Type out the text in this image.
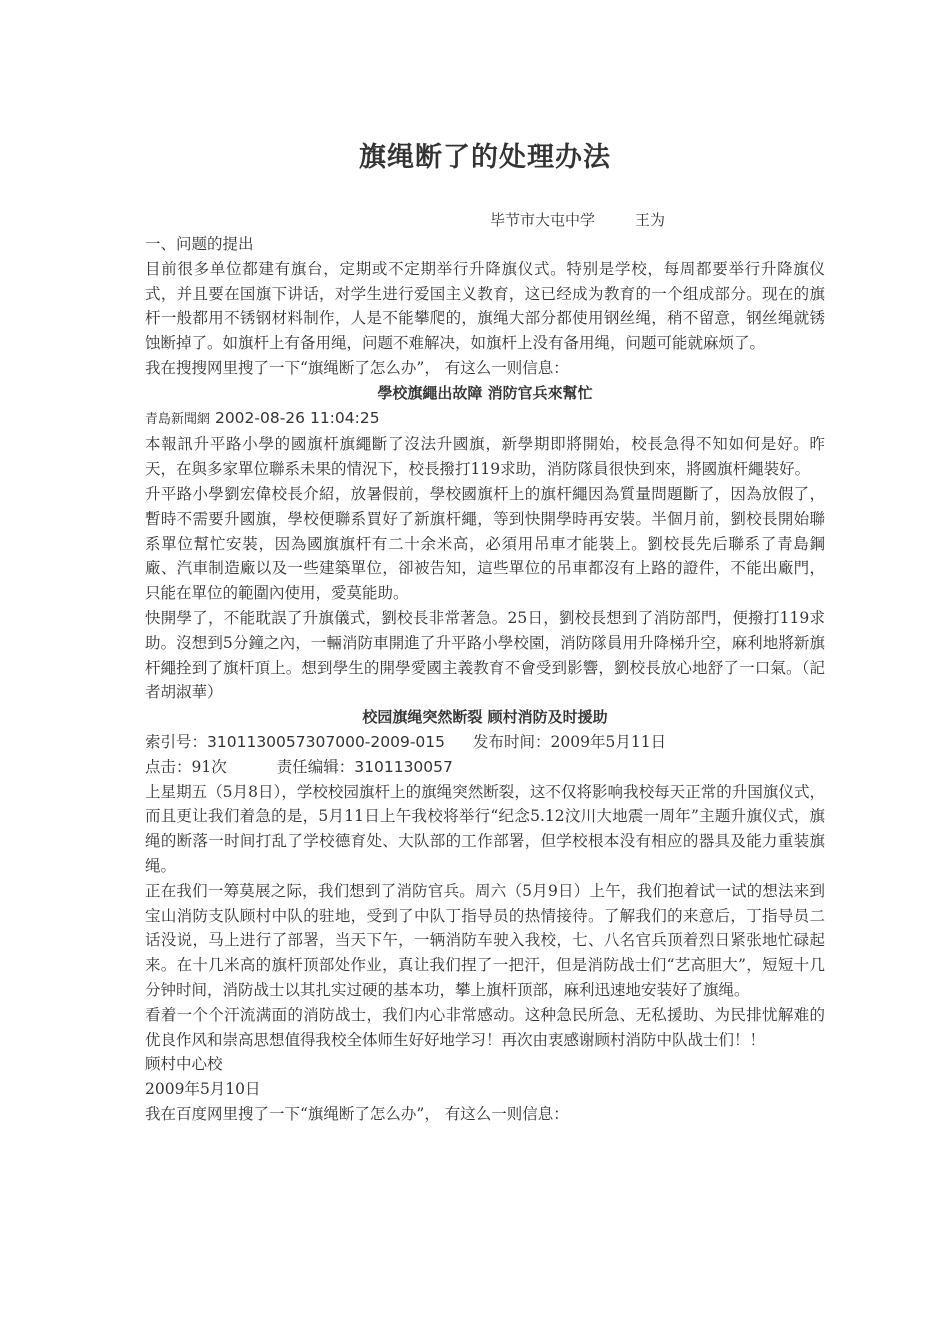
旗绳断了的处理办法
毕节市大屯中学	王为

一、问题的提出

目前很多单位都建有旗台，定期或不定期举行升降旗仪式。特别是学校，每周都要举行升降旗仪式，并且要在国旗下讲话，对学生进行爱国主义教育，这已经成为教育的一个组成部分。现在的旗杆一般都用不锈钢材料制作，人是不能攀爬的，旗绳大部分都使用钢丝绳，稍不留意，钢丝绳就锈蚀断掉了。如旗杆上有备用绳，问题不难解决，如旗杆上没有备用绳，问题可能就麻烦了。

我在搜搜网里搜了一下“旗绳断了怎么办”， 有这么一则信息：

學校旗繩出故障 消防官兵來幫忙

青島新聞網 2002-08-26 11:04:25

本報訊升平路小學的國旗杆旗繩斷了沒法升國旗，新學期即將開始，校長急得不知如何是好。昨天，在與多家單位聯系未果的情況下，校長撥打119求助，消防隊員很快到來，將國旗杆繩裝好。

升平路小學劉宏偉校長介紹，放暑假前，學校國旗杆上的旗杆繩因為質量問題斷了，因為放假了，暫時不需要升國旗，學校便聯系買好了新旗杆繩，等到快開學時再安裝。半個月前，劉校長開始聯系單位幫忙安裝，因為國旗旗杆有二十余米高，必須用吊車才能裝上。劉校長先后聯系了青島鋼廠、汽車制造廠以及一些建築單位，卻被告知，這些單位的吊車都沒有上路的證件，不能出廠門，只能在單位的範圍內使用，愛莫能助。

快開學了，不能耽誤了升旗儀式，劉校長非常著急。25日，劉校長想到了消防部門，便撥打119求助。沒想到5分鐘之內，一輛消防車開進了升平路小學校園，消防隊員用升降梯升空，麻利地將新旗杆繩拴到了旗杆頂上。想到學生的開學愛國主義教育不會受到影響，劉校長放心地舒了一口氣。（記者胡淑華）

校园旗绳突然断裂 顾村消防及时援助

索引号：3101130057307000-2009-015 发布时间：2009年5月11日

点击：91次	责任编辑：3101130057

上星期五（5月8日），学校校园旗杆上的旗绳突然断裂，这不仅将影响我校每天正常的升国旗仪式，而且更让我们着急的是，5月11日上午我校将举行“纪念5.12汶川大地震一周年”主题升旗仪式，旗绳的断落一时间打乱了学校德育处、大队部的工作部署，但学校根本没有相应的器具及能力重装旗绳。

正在我们一筹莫展之际，我们想到了消防官兵。周六（5月9日）上午，我们抱着试一试的想法来到宝山消防支队顾村中队的驻地，受到了中队丁指导员的热情接待。了解我们的来意后，丁指导员二话没说，马上进行了部署，当天下午，一辆消防车驶入我校，七、八名官兵顶着烈日紧张地忙碌起来。在十几米高的旗杆顶部处作业，真让我们捏了一把汗，但是消防战士们“艺高胆大”，短短十几分钟时间，消防战士以其扎实过硬的基本功，攀上旗杆顶部，麻利迅速地安装好了旗绳。

看着一个个汗流满面的消防战士，我们内心非常感动。这种急民所急、无私援助、为民排忧解难的优良作风和崇高思想值得我校全体师生好好地学习！再次由衷感谢顾村消防中队战士们！！

顾村中心校

2009年5月10日

我在百度网里搜了一下“旗绳断了怎么办”， 有这么一则信息：
